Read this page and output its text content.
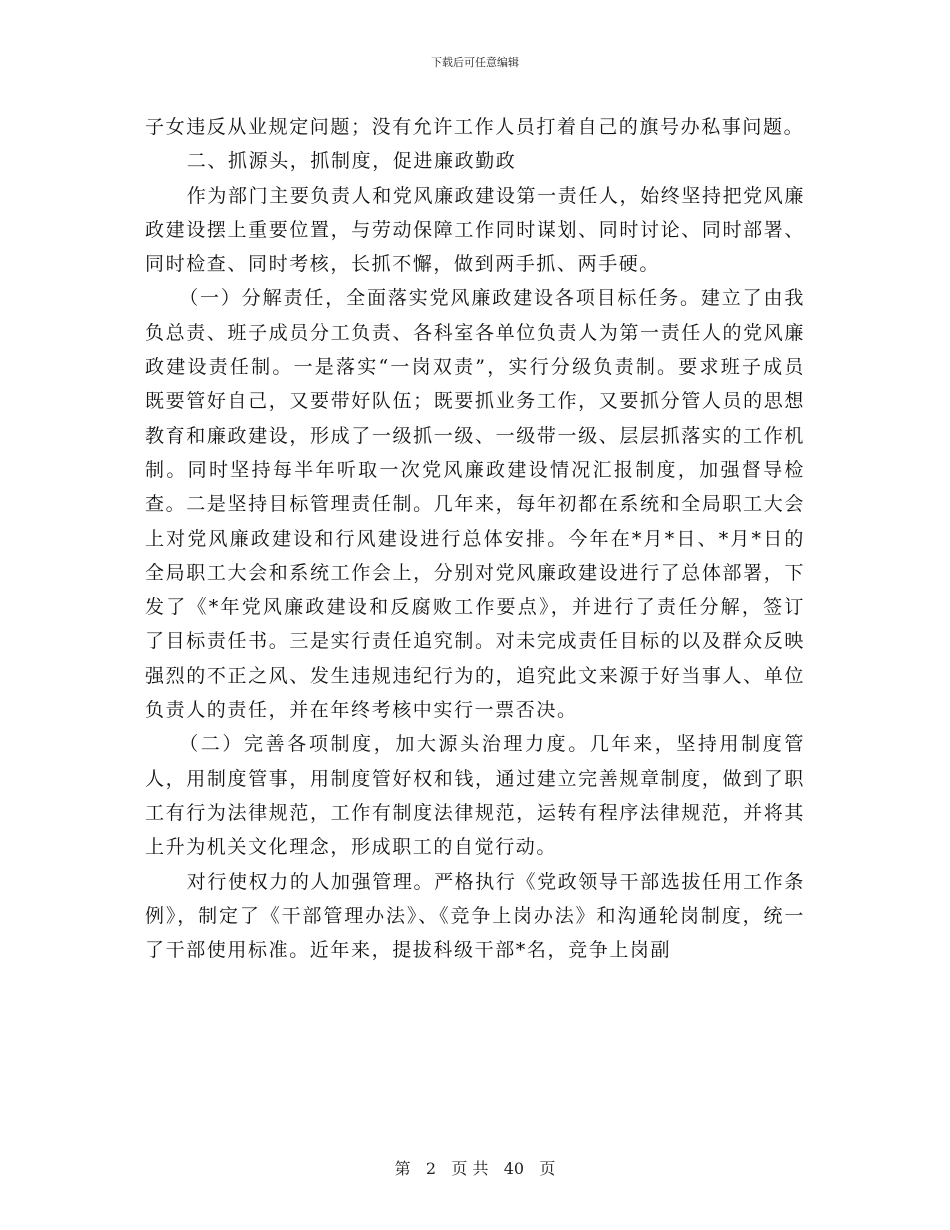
下载后可任意编辑

子女违反从业规定问题；没有允许工作人员打着自己的旗号办私事问题。

二、抓源头，抓制度，促进廉政勤政

作为部门主要负责人和党风廉政建设第一责任人，始终坚持把党风廉政建设摆上重要位置，与劳动保障工作同时谋划、同时讨论、同时部署、同时检查、同时考核，长抓不懈，做到两手抓、两手硬。

（一）分解责任，全面落实党风廉政建设各项目标任务。建立了由我负总责、班子成员分工负责、各科室各单位负责人为第一责任人的党风廉政建设责任制。一是落实“一岗双责”，实行分级负责制。要求班子成员既要管好自己，又要带好队伍；既要抓业务工作，又要抓分管人员的思想教育和廉政建设，形成了一级抓一级、一级带一级、层层抓落实的工作机制。同时坚持每半年听取一次党风廉政建设情况汇报制度，加强督导检查。二是坚持目标管理责任制。几年来，每年初都在系统和全局职工大会上对党风廉政建设和行风建设进行总体安排。今年在*月*日、*月*日的全局职工大会和系统工作会上，分别对党风廉政建设进行了总体部署，下发了《*年党风廉政建设和反腐败工作要点》，并进行了责任分解，签订了目标责任书。三是实行责任追究制。对未完成责任目标的以及群众反映强烈的不正之风、发生违规违纪行为的，追究此文来源于好当事人、单位负责人的责任，并在年终考核中实行一票否决。

（二）完善各项制度，加大源头治理力度。几年来，坚持用制度管人，用制度管事，用制度管好权和钱，通过建立完善规章制度，做到了职工有行为法律规范，工作有制度法律规范，运转有程序法律规范，并将其上升为机关文化理念，形成职工的自觉行动。

对行使权力的人加强管理。严格执行《党政领导干部选拔任用工作条例》，制定了《干部管理办法》、《竞争上岗办法》和沟通轮岗制度，统一了干部使用标准。近年来，提拔科级干部*名，竞争上岗副

第 2 页 共 40 页
